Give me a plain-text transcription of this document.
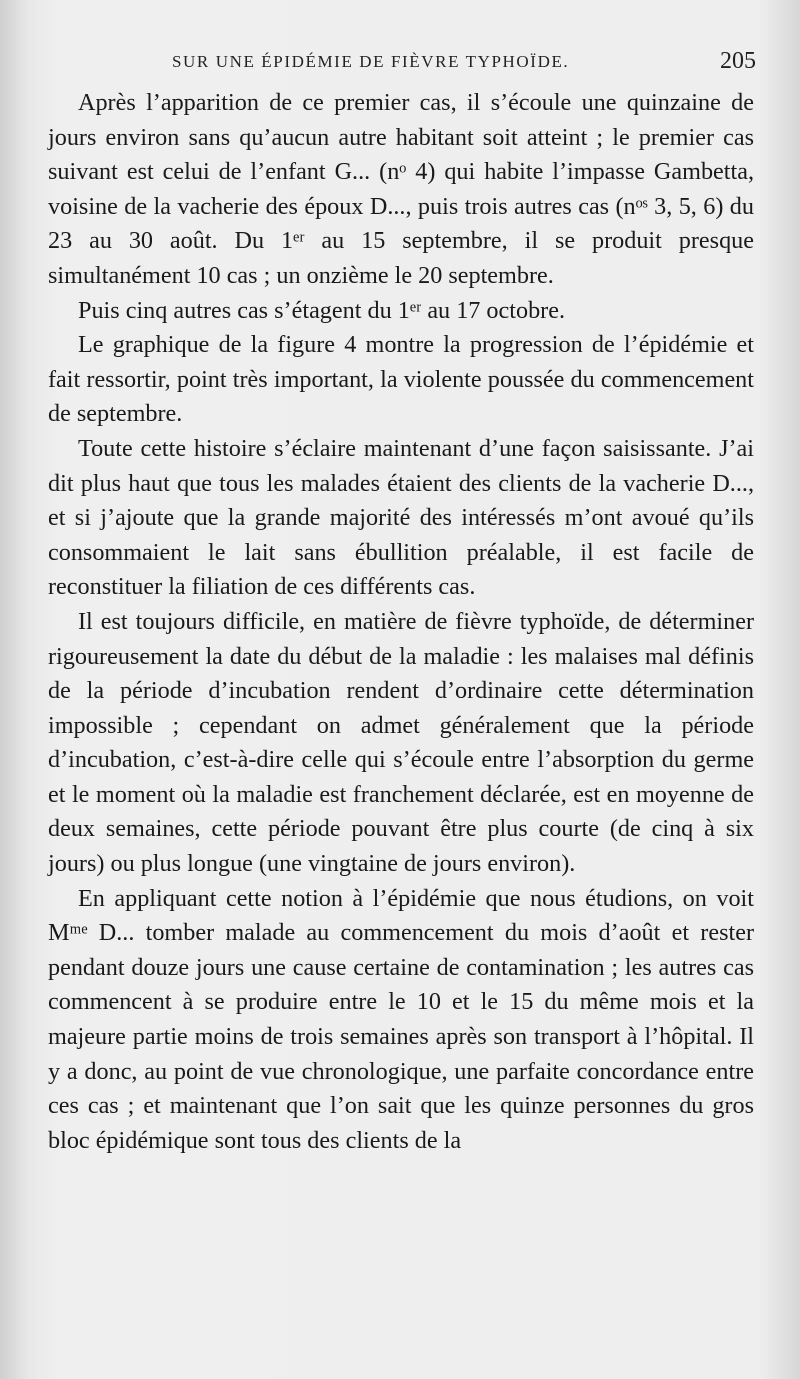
SUR UNE ÉPIDÉMIE DE FIÈVRE TYPHOÏDE.	205

Après l’apparition de ce premier cas, il s’écoule une quinzaine de jours environ sans qu’aucun autre habitant soit atteint ; le premier cas suivant est celui de l’enfant G... (nᵒ 4) qui habite l’impasse Gambetta, voisine de la vacherie des époux D..., puis trois autres cas (nᵒˢ 3, 5, 6) du 23 au 30 août. Du 1ᵉʳ au 15 septembre, il se produit presque simultanément 10 cas ; un onzième le 20 septembre.

Puis cinq autres cas s’étagent du 1ᵉʳ au 17 octobre.

Le graphique de la figure 4 montre la progression de l’épidémie et fait ressortir, point très important, la violente poussée du commencement de septembre.

Toute cette histoire s’éclaire maintenant d’une façon saisissante. J’ai dit plus haut que tous les malades étaient des clients de la vacherie D..., et si j’ajoute que la grande majorité des intéressés m’ont avoué qu’ils consommaient le lait sans ébullition préalable, il est facile de reconstituer la filiation de ces différents cas.

Il est toujours difficile, en matière de fièvre typhoïde, de déterminer rigoureusement la date du début de la maladie : les malaises mal définis de la période d’incubation rendent d’ordinaire cette détermination impossible ; cependant on admet généralement que la période d’incubation, c’est-à-dire celle qui s’écoule entre l’absorption du germe et le moment où la maladie est franchement déclarée, est en moyenne de deux semaines, cette période pouvant être plus courte (de cinq à six jours) ou plus longue (une vingtaine de jours environ).

En appliquant cette notion à l’épidémie que nous étudions, on voit Mᵐᵉ D... tomber malade au commencement du mois d’août et rester pendant douze jours une cause certaine de contamination ; les autres cas commencent à se produire entre le 10 et le 15 du même mois et la majeure partie moins de trois semaines après son transport à l’hôpital. Il y a donc, au point de vue chronologique, une parfaite concordance entre ces cas ; et maintenant que l’on sait que les quinze personnes du gros bloc épidémique sont tous des clients de la
